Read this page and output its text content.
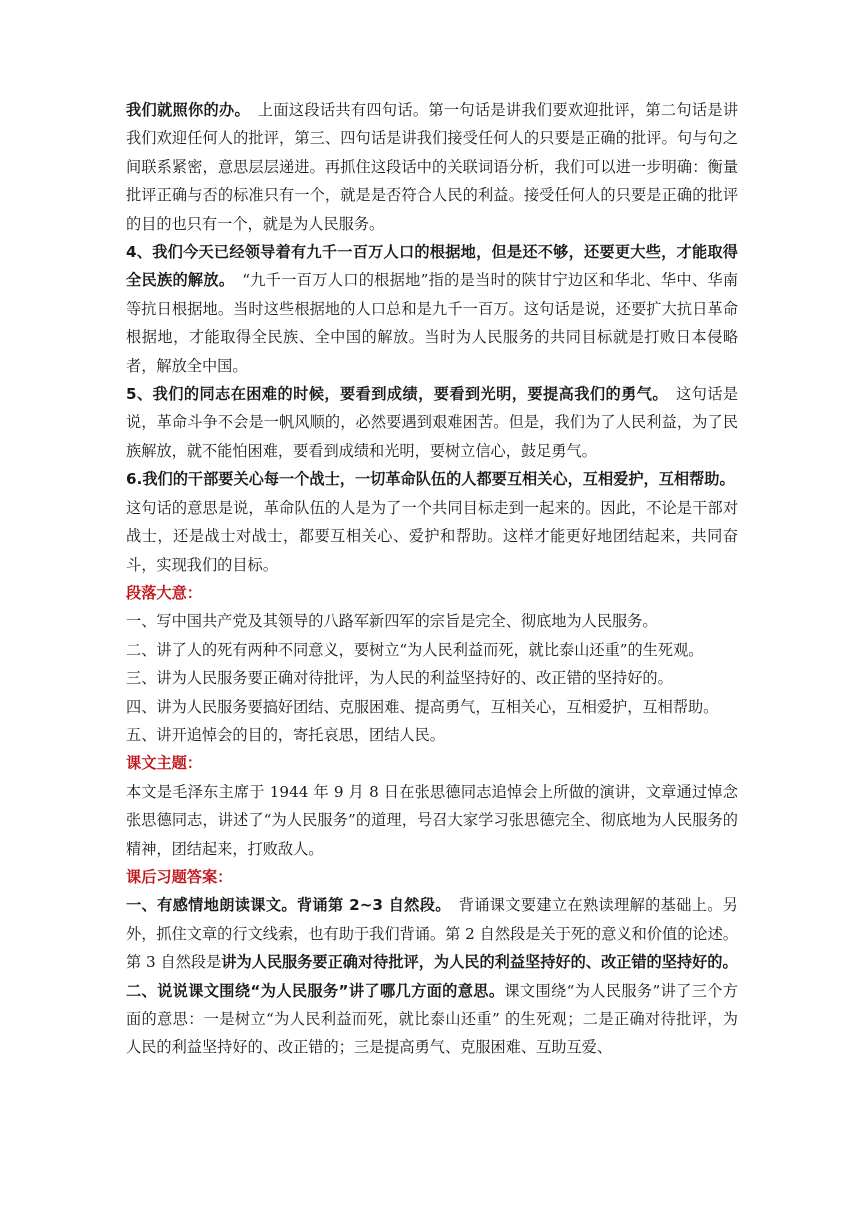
我们就照你的办。　上面这段话共有四句话。第一句话是讲我们要欢迎批评，第二句话是讲我们欢迎任何人的批评，第三、四句话是讲我们接受任何人的只要是正确的批评。句与句之间联系紧密，意思层层递进。再抓住这段话中的关联词语分析，我们可以进一步明确：衡量批评正确与否的标准只有一个，就是是否符合人民的利益。接受任何人的只要是正确的批评的目的也只有一个，就是为人民服务。

4、我们今天已经领导着有九千一百万人口的根据地，但是还不够，还要更大些，才能取得全民族的解放。　“九千一百万人口的根据地”指的是当时的陕甘宁边区和华北、华中、华南等抗日根据地。当时这些根据地的人口总和是九千一百万。这句话是说，还要扩大抗日革命根据地，才能取得全民族、全中国的解放。当时为人民服务的共同目标就是打败日本侵略者，解放全中国。

5、我们的同志在困难的时候，要看到成绩，要看到光明，要提高我们的勇气。　这句话是说，革命斗争不会是一帆风顺的，必然要遇到艰难困苦。但是，我们为了人民利益，为了民族解放，就不能怕困难，要看到成绩和光明，要树立信心，鼓足勇气。

6.我们的干部要关心每一个战士，一切革命队伍的人都要互相关心，互相爱护，互相帮助。　这句话的意思是说，革命队伍的人是为了一个共同目标走到一起来的。因此，不论是干部对战士，还是战士对战士，都要互相关心、爱护和帮助。这样才能更好地团结起来，共同奋斗，实现我们的目标。

段落大意：

一、写中国共产党及其领导的八路军新四军的宗旨是完全、彻底地为人民服务。

二、讲了人的死有两种不同意义，要树立“为人民利益而死，就比泰山还重”的生死观。

三、讲为人民服务要正确对待批评，为人民的利益坚持好的、改正错的坚持好的。

四、讲为人民服务要搞好团结、克服困难、提高勇气，互相关心，互相爱护，互相帮助。

五、讲开追悼会的目的，寄托哀思，团结人民。

课文主题：

本文是毛泽东主席于 1944 年 9 月 8 日在张思德同志追悼会上所做的演讲，文章通过悼念张思德同志，讲述了“为人民服务”的道理，号召大家学习张思德完全、彻底地为人民服务的精神，团结起来，打败敌人。

课后习题答案：

一、有感情地朗读课文。背诵第 2~3 自然段。　背诵课文要建立在熟读理解的基础上。另外，抓住文章的行文线索，也有助于我们背诵。第 2 自然段是关于死的意义和价值的论述。第 3 自然段是讲为人民服务要正确对待批评，为人民的利益坚持好的、改正错的坚持好的。

二、说说课文围绕“为人民服务”讲了哪几方面的意思。课文围绕“为人民服务”讲了三个方面的意思：一是树立“为人民利益而死，就比泰山还重” 的生死观；二是正确对待批评，为人民的利益坚持好的、改正错的；三是提高勇气、克服困难、互助互爱、
